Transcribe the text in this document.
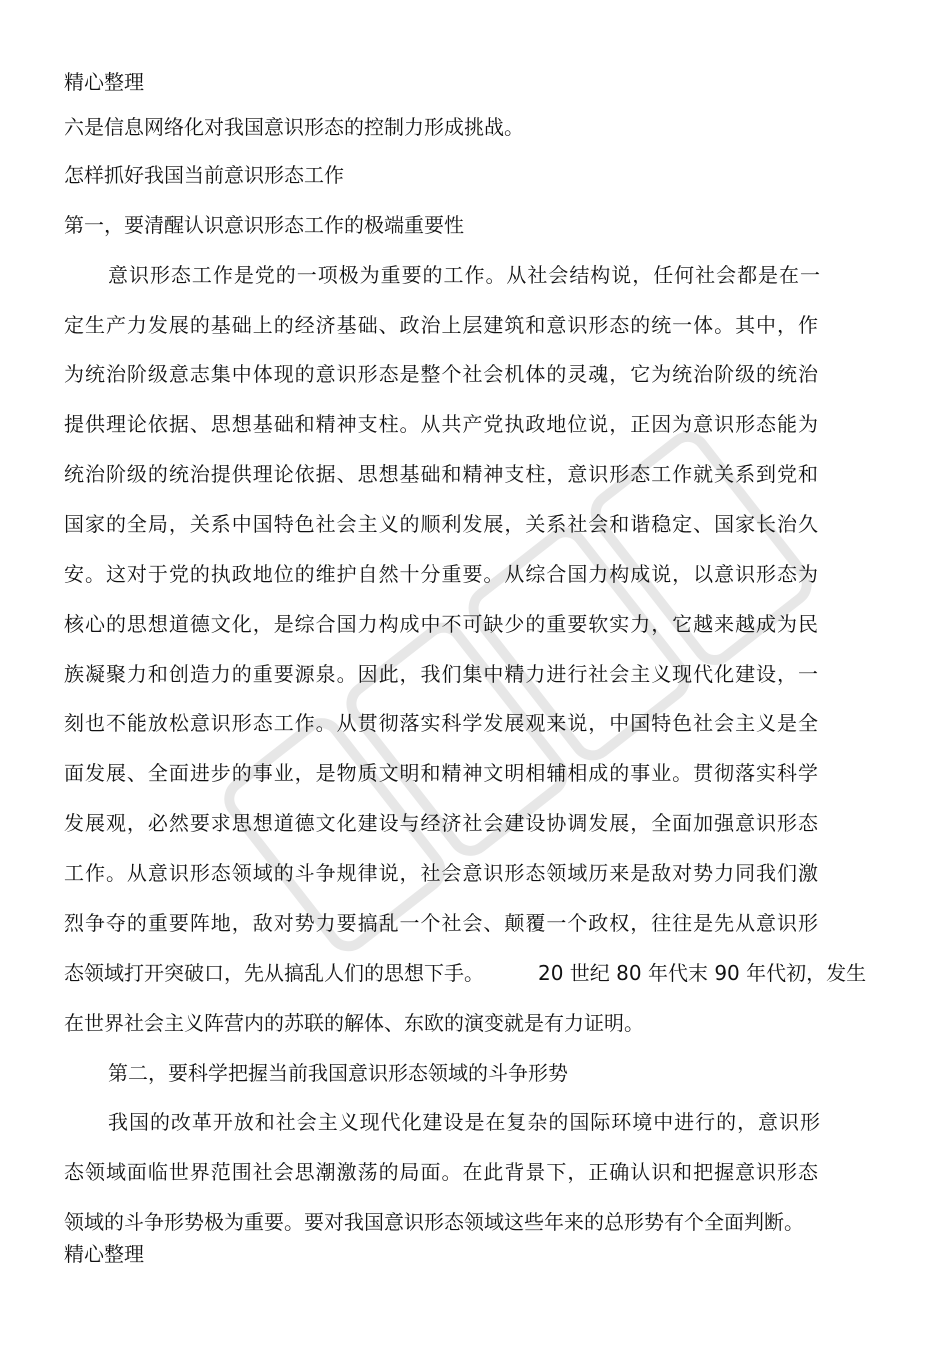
精心整理
六是信息网络化对我国意识形态的控制力形成挑战。
怎样抓好我国当前意识形态工作
第一，要清醒认识意识形态工作的极端重要性
意识形态工作是党的一项极为重要的工作。从社会结构说，任何社会都是在一
定生产力发展的基础上的经济基础、政治上层建筑和意识形态的统一体。其中，作
为统治阶级意志集中体现的意识形态是整个社会机体的灵魂，它为统治阶级的统治
提供理论依据、思想基础和精神支柱。从共产党执政地位说，正因为意识形态能为
统治阶级的统治提供理论依据、思想基础和精神支柱，意识形态工作就关系到党和
国家的全局，关系中国特色社会主义的顺利发展，关系社会和谐稳定、国家长治久
安。这对于党的执政地位的维护自然十分重要。从综合国力构成说，以意识形态为
核心的思想道德文化，是综合国力构成中不可缺少的重要软实力，它越来越成为民
族凝聚力和创造力的重要源泉。因此，我们集中精力进行社会主义现代化建设，一
刻也不能放松意识形态工作。从贯彻落实科学发展观来说，中国特色社会主义是全
面发展、全面进步的事业，是物质文明和精神文明相辅相成的事业。贯彻落实科学
发展观，必然要求思想道德文化建设与经济社会建设协调发展，全面加强意识形态
工作。从意识形态领域的斗争规律说，社会意识形态领域历来是敌对势力同我们激
烈争夺的重要阵地，敌对势力要搞乱一个社会、颠覆一个政权，往往是先从意识形
态领域打开突破口，先从搞乱人们的思想下手。	20 世纪 80 年代末 90 年代初，发生
在世界社会主义阵营内的苏联的解体、东欧的演变就是有力证明。
第二，要科学把握当前我国意识形态领域的斗争形势
我国的改革开放和社会主义现代化建设是在复杂的国际环境中进行的，意识形
态领域面临世界范围社会思潮激荡的局面。在此背景下，正确认识和把握意识形态
领域的斗争形势极为重要。要对我国意识形态领域这些年来的总形势有个全面判断。
精心整理
